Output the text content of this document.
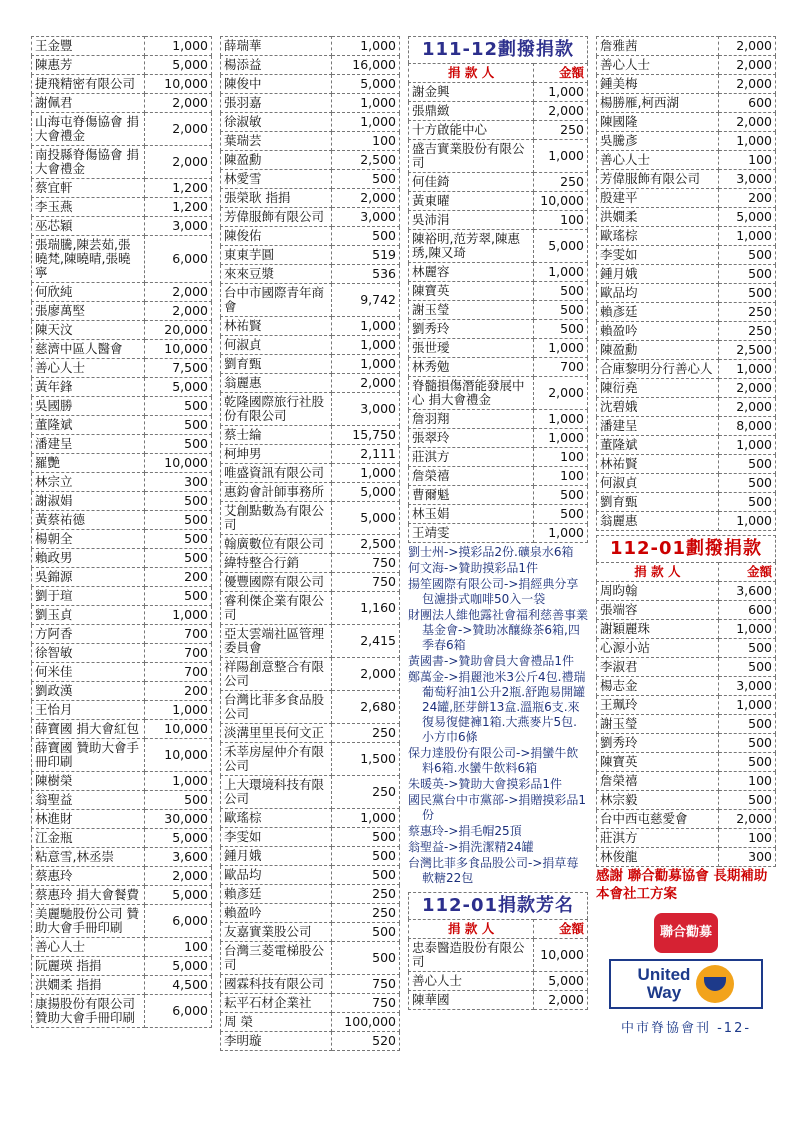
王金豐	1,000
陳惠芳	5,000
捷飛精密有限公司	10,000
謝佩君	2,000
山海屯脊傷協會 捐大會禮金	2,000
南投縣脊傷協會 捐大會禮金	2,000
蔡宜軒	1,200
李玉燕	1,200
巫芯穎	3,000
張瑞騰,陳芸茹,張曉梵,陳曉晴,張曉寧	6,000
何欣純	2,000
張廖萬堅	2,000
陳天汶	20,000
慈濟中區人醫會	10,000
善心人士	7,500
黃年鋒	5,000
吳國勝	500
董隆斌	500
潘建呈	500
羅艷	10,000
林宗立	300
謝淑娟	500
黃蔡祐德	500
楊朝全	500
賴政男	500
吳錦源	200
劉于瑄	500
劉玉貞	1,000
方阿香	700
徐智敏	700
何米佳	700
劉政漢	200
王怡月	1,000
薛寶國 捐大會紅包	10,000
薛寶國 贊助大會手冊印刷	10,000
陳樹榮	1,000
翁聖益	500
林進財	30,000
江金瓶	5,000
粘意雪,林丞崇	3,600
蔡惠玲	2,000
蔡惠玲 捐大會餐費	5,000
美麗馳股份公司 贊助大會手冊印刷	6,000
善心人士	100
阮麗瑛 指捐	5,000
洪嫺柔 指捐	4,500
康揚股份有限公司 贊助大會手冊印刷	6,000
薛瑞華	1,000
楊添益	16,000
陳俊中	5,000
張羽嘉	1,000
徐淑敏	1,000
葉瑞芸	100
陳盈勳	2,500
林愛雪	500
張榮耿 指捐	2,000
芳偉服飾有限公司	3,000
陳俊佑	500
東東芋圓	519
來來豆漿	536
台中市國際青年商會	9,742
林祐賢	1,000
何淑貞	1,000
劉育甄	1,000
翁麗惠	2,000
乾隆國際旅行社股份有限公司	3,000
蔡士綸	15,750
柯坤男	2,111
唯盛資訊有限公司	1,000
惠鈞會計師事務所	5,000
艾創點數為有限公司	5,000
翰廣數位有限公司	2,500
緯特整合行銷	750
優豐國際有限公司	750
睿利傑企業有限公司	1,160
亞太雲端社區管理委員會	2,415
祥陽創意整合有限公司	2,000
台灣比菲多食品股公司	2,680
淡溝里里長何文正	250
禾莘房屋仲介有限公司	1,500
上大環境科技有限公司	250
歐瑤棕	1,000
李雯如	500
鍾月娥	500
歐品均	500
賴彥廷	250
賴盈吟	250
友嘉實業股公司	500
台灣三菱電梯股公司	500
國霖科技有限公司	750
耘平石材企業社	750
周 榮	100,000
李明璇	520
111-12劃撥捐款
捐 款 人	金額
謝金興	1,000
張鼎緻	2,000
十方啟能中心	250
盛吉實業股份有限公司	1,000
何佳錡	250
黃東曜	10,000
吳沛涓	100
陳裕明,范芳翠,陳惠琇,陳又琦	5,000
林麗容	1,000
陳寶英	500
謝玉瑩	500
劉秀玲	500
張世璦	1,000
林秀勉	700
脊髓損傷潛能發展中心 捐大會禮金	2,000
詹羽翔	1,000
張翠玲	1,000
莊淇方	100
詹榮禧	100
曹爾魁	500
林玉娟	500
王靖雯	1,000
劉士州->摸彩品2份.礦泉水6箱
何文海->贊助摸彩品1件
揚笙國際有限公司->捐經典分享包濾掛式咖啡50入一袋
財團法人維他露社會福利慈善事業基金會->贊助冰釀綠茶6箱,四季春6箱
黃國書->贊助會員大會禮品1件
鄭萬金->捐麗池米3公斤4包.禮瑞葡萄籽油1公升2瓶.舒跑易開罐24罐,胚芽餅13盒.溫瓶6支.來復易復健褲1箱.大燕麥片5包.小方巾6條
保力達股份有限公司->捐蠻牛飲料6箱.水蠻牛飲料6箱
朱暖英->贊助大會摸彩品1件
國民黨台中市黨部->捐贈摸彩品1份
蔡惠玲->捐毛帽25頂
翁聖益->捐洗潔精24罐
台灣比菲多食品股公司->捐草莓軟糖22包
112-01捐款芳名
捐 款 人	金額
忠泰醫造股份有限公司	10,000
善心人士	5,000
陳華國	2,000
詹雅茜	2,000
善心人士	2,000
鍾美梅	2,000
楊勝雁,柯西湖	600
陳國隆	2,000
吳騰彥	1,000
善心人士	100
芳偉服飾有限公司	3,000
殷建平	200
洪嫺柔	5,000
歐瑤棕	1,000
李雯如	500
鍾月娥	500
歐品均	500
賴彥廷	250
賴盈吟	250
陳盈勳	2,500
合庫黎明分行善心人	1,000
陳衍堯	2,000
沈碧娥	2,000
潘建呈	8,000
董隆斌	1,000
林祐賢	500
何淑貞	500
劉育甄	500
翁麗惠	1,000
112-01劃撥捐款
捐 款 人	金額
周昀翰	3,600
張端容	600
謝穎麗珠	1,000
心源小站	500
李淑君	500
楊志金	3,000
王珮玲	1,000
謝玉瑩	500
劉秀玲	500
陳寶英	500
詹榮禧	100
林宗毅	500
台中西屯慈愛會	2,000
莊淇方	100
林俊龍	300
感謝 聯合勸募協會 長期補助本會社工方案
聯合勸募
United
Way
中市脊協會刊 -12-
